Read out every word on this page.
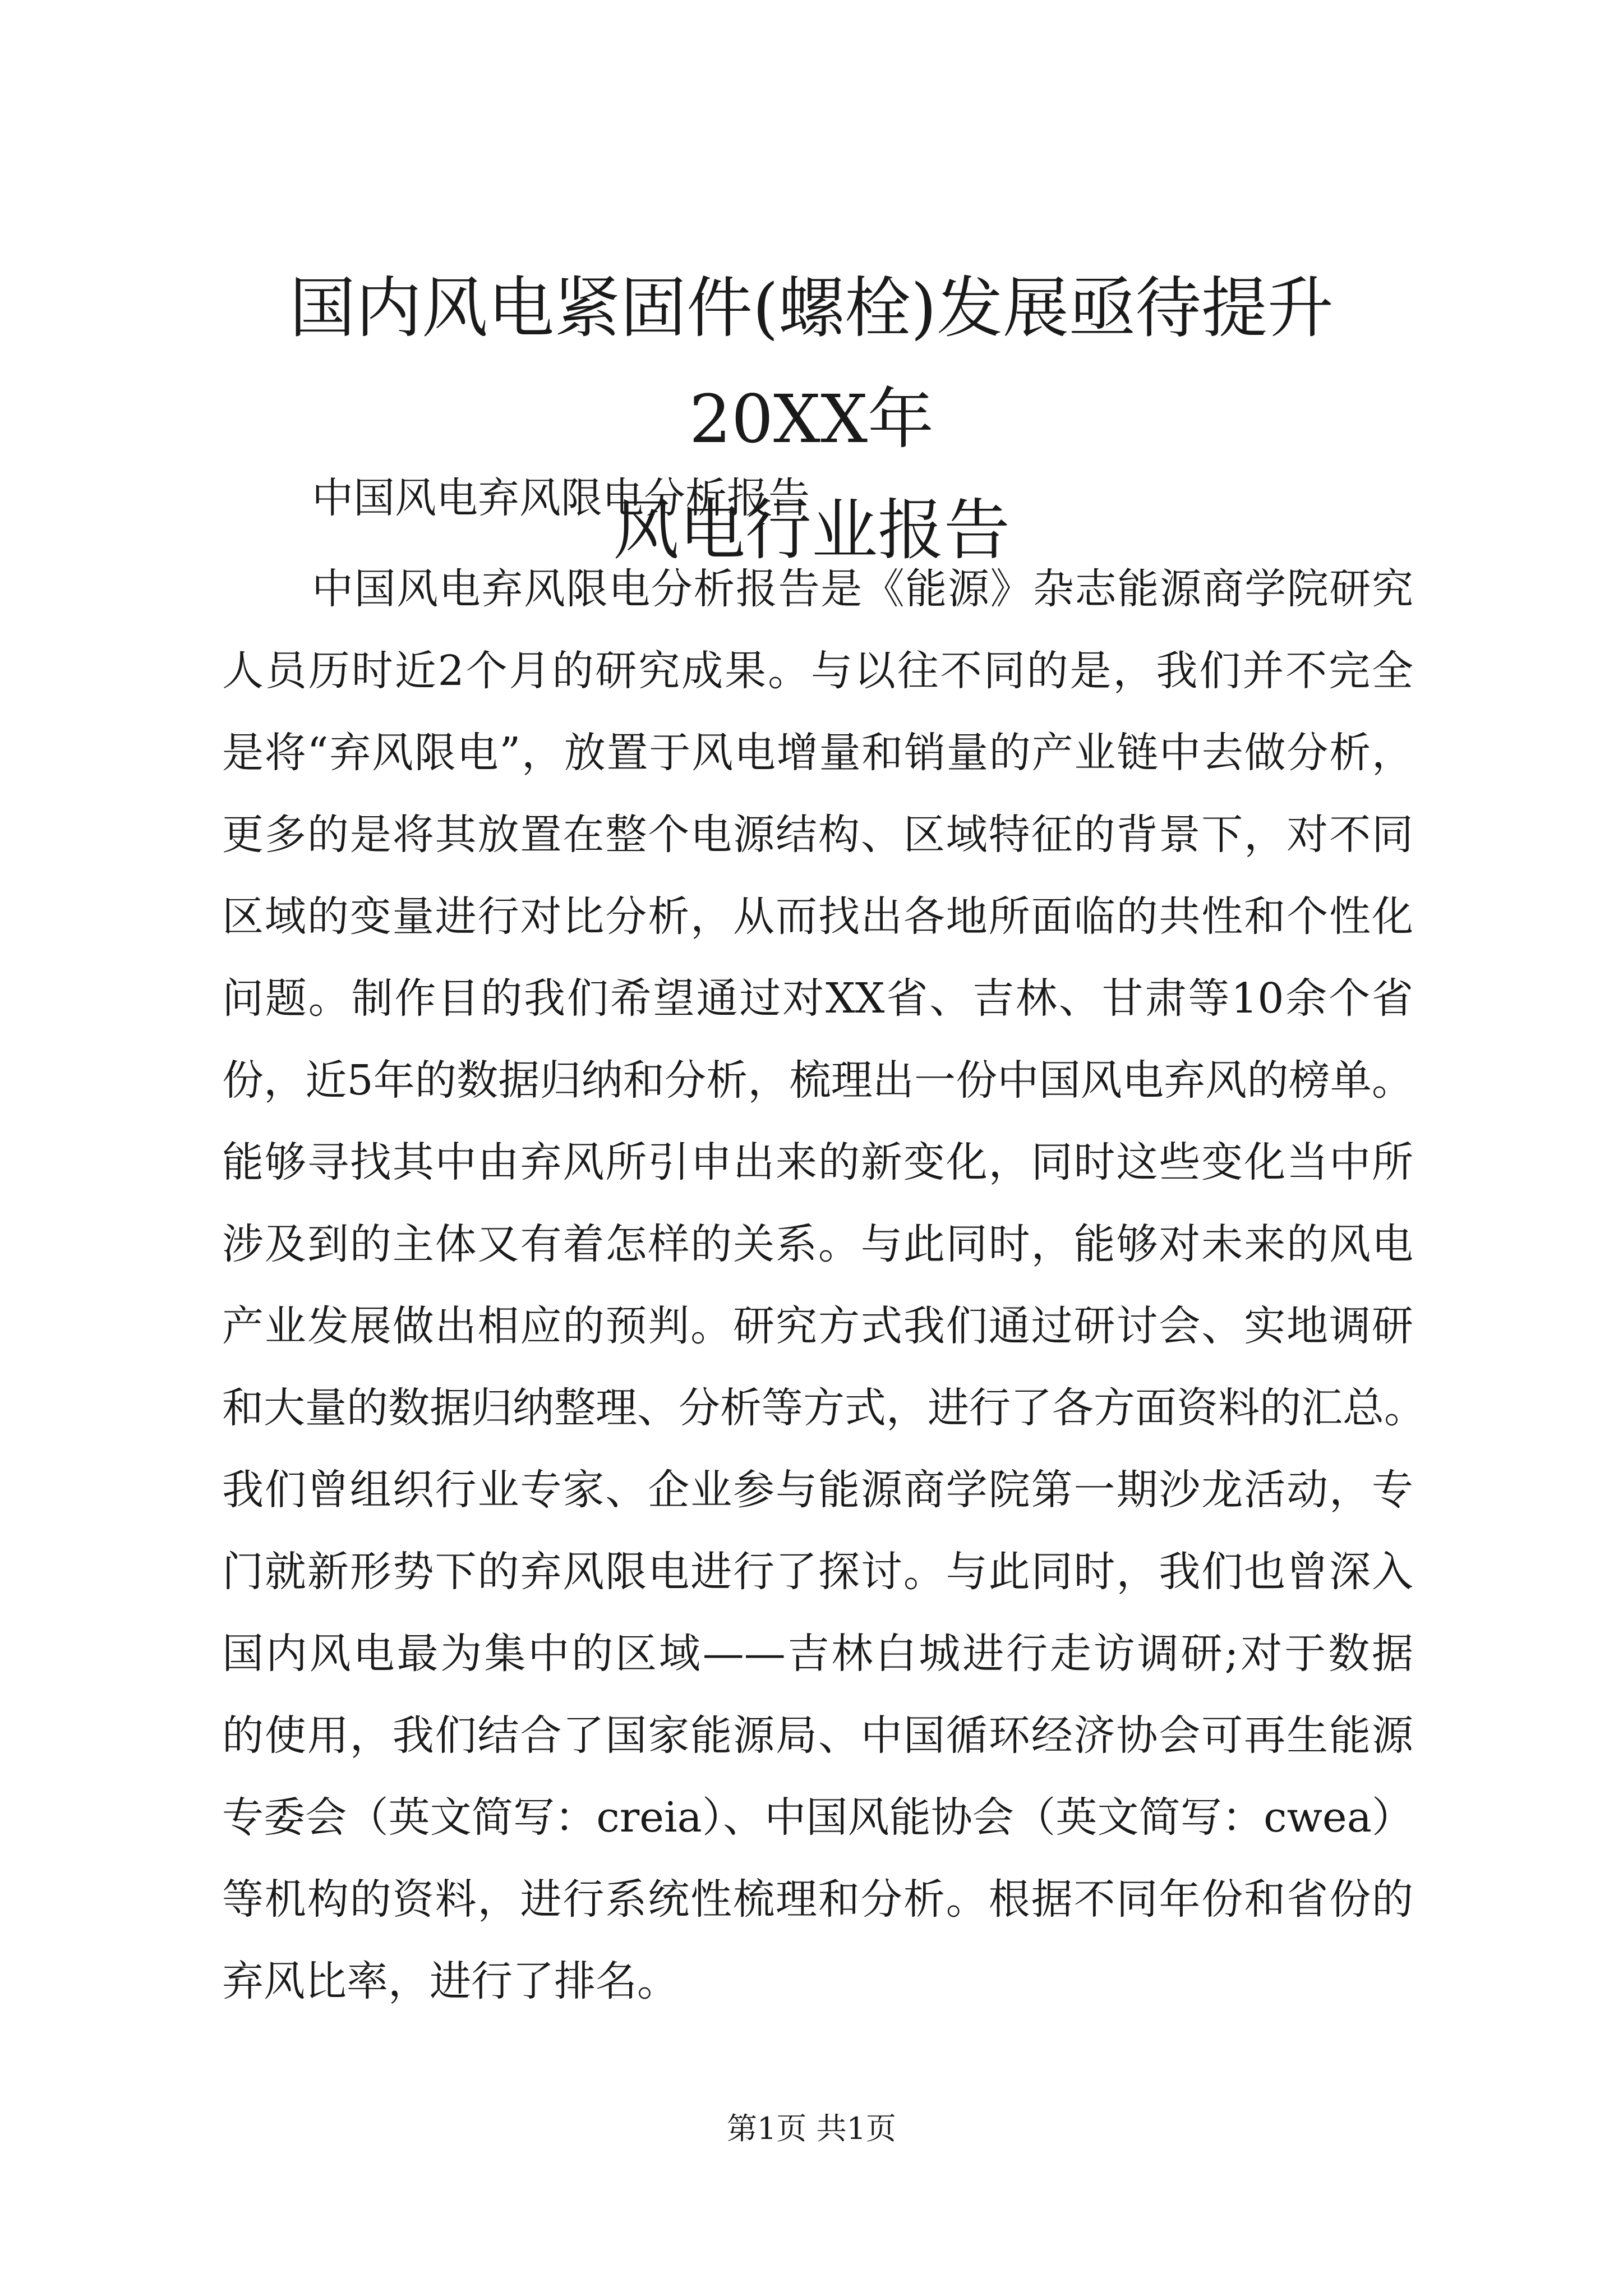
国内风电紧固件(螺栓)发展亟待提升20XX年
风电行业报告

中国风电弃风限电分析报告

中国风电弃风限电分析报告是《能源》杂志能源商学院研究

人员历时近2个月的研究成果。与以往不同的是，我们并不完全

是将“弃风限电”，放置于风电增量和销量的产业链中去做分析，

更多的是将其放置在整个电源结构、区域特征的背景下，对不同

区域的变量进行对比分析，从而找出各地所面临的共性和个性化

问题。制作目的我们希望通过对XX省、吉林、甘肃等10余个省

份，近5年的数据归纳和分析，梳理出一份中国风电弃风的榜单。

能够寻找其中由弃风所引申出来的新变化，同时这些变化当中所

涉及到的主体又有着怎样的关系。与此同时，能够对未来的风电

产业发展做出相应的预判。研究方式我们通过研讨会、实地调研

和大量的数据归纳整理、分析等方式，进行了各方面资料的汇总。

我们曾组织行业专家、企业参与能源商学院第一期沙龙活动，专

门就新形势下的弃风限电进行了探讨。与此同时，我们也曾深入

国内风电最为集中的区域——吉林白城进行走访调研;对于数据

的使用，我们结合了国家能源局、中国循环经济协会可再生能源

专委会（英文简写：creia）、中国风能协会（英文简写：cwea）

等机构的资料，进行系统性梳理和分析。根据不同年份和省份的

弃风比率，进行了排名。

第1页 共1页
